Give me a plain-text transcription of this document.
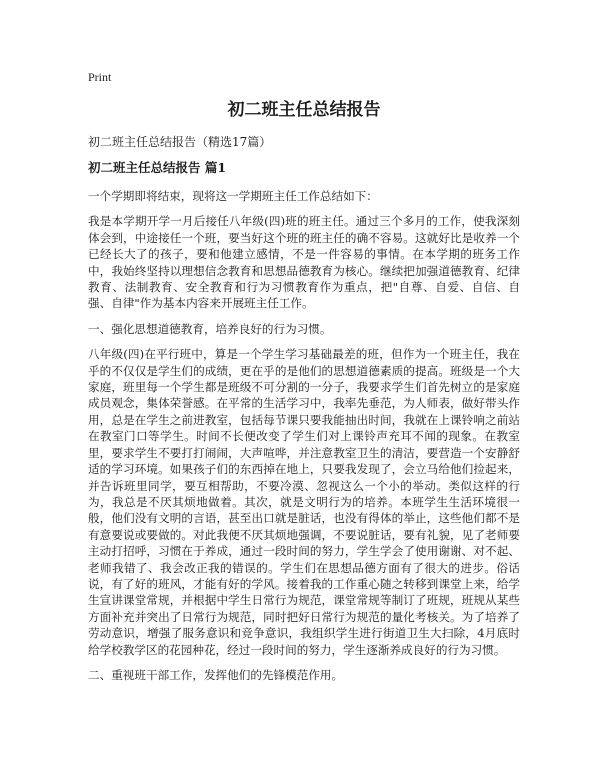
Print
初二班主任总结报告

初二班主任总结报告（精选17篇）

初二班主任总结报告 篇1

一个学期即将结束，现将这一学期班主任工作总结如下：

我是本学期开学一月后接任八年级(四)班的班主任。通过三个多月的工作，使我深刻体会到，中途接任一个班，要当好这个班的班主任的确不容易。这就好比是收养一个已经长大了的孩子，要和他建立感情，不是一件容易的事情。在本学期的班务工作中，我始终坚持以理想信念教育和思想品德教育为核心。继续把加强道德教育、纪律教育、法制教育、安全教育和行为习惯教育作为重点，把"自尊、自爱、自信、自强、自律"作为基本内容来开展班主任工作。

一、强化思想道德教育，培养良好的行为习惯。

八年级(四)在平行班中，算是一个学生学习基础最差的班，但作为一个班主任，我在乎的不仅仅是学生们的成绩，更在乎的是他们的思想道德素质的提高。班级是一个大家庭，班里每一个学生都是班级不可分割的一分子，我要求学生们首先树立的是家庭成员观念，集体荣誉感。在平常的生活学习中，我率先垂范，为人师表，做好带头作用，总是在学生之前进教室，包括每节课只要我能抽出时间，我就在上课铃响之前站在教室门口等学生。时间不长便改变了学生们对上课铃声充耳不闻的现象。在教室里，要求学生不要打打闹闹，大声喧哗，并注意教室卫生的清洁，要营造一个安静舒适的学习环境。如果孩子们的东西掉在地上，只要我发现了，会立马给他们捡起来，并告诉班里同学，要互相帮助，不要冷漠、忽视这么一个小的举动。类似这样的行为，我总是不厌其烦地做着。其次，就是文明行为的培养。本班学生生活环境很一般，他们没有文明的言语，甚至出口就是脏话，也没有得体的举止，这些他们都不是有意要说或要做的。对此我便不厌其烦地强调，不要说脏话，要有礼貌，见了老师要主动打招呼，习惯在于养成，通过一段时间的努力，学生学会了使用谢谢、对不起、老师我错了、我会改正我的错误的。学生们在思想品德方面有了很大的进步。俗话说，有了好的班风，才能有好的学风。接着我的工作重心随之转移到课堂上来，给学生宣讲课堂常规，并根据中学生日常行为规范，课堂常规等制订了班规，班规从某些方面补充并突出了日常行为规范，同时把好日常行为规范的量化考核关。为了培养了劳动意识，增强了服务意识和竞争意识，我组织学生进行街道卫生大扫除，4月底时给学校教学区的花园种花，经过一段时间的努力，学生逐渐养成良好的行为习惯。

二、重视班干部工作，发挥他们的先锋模范作用。
